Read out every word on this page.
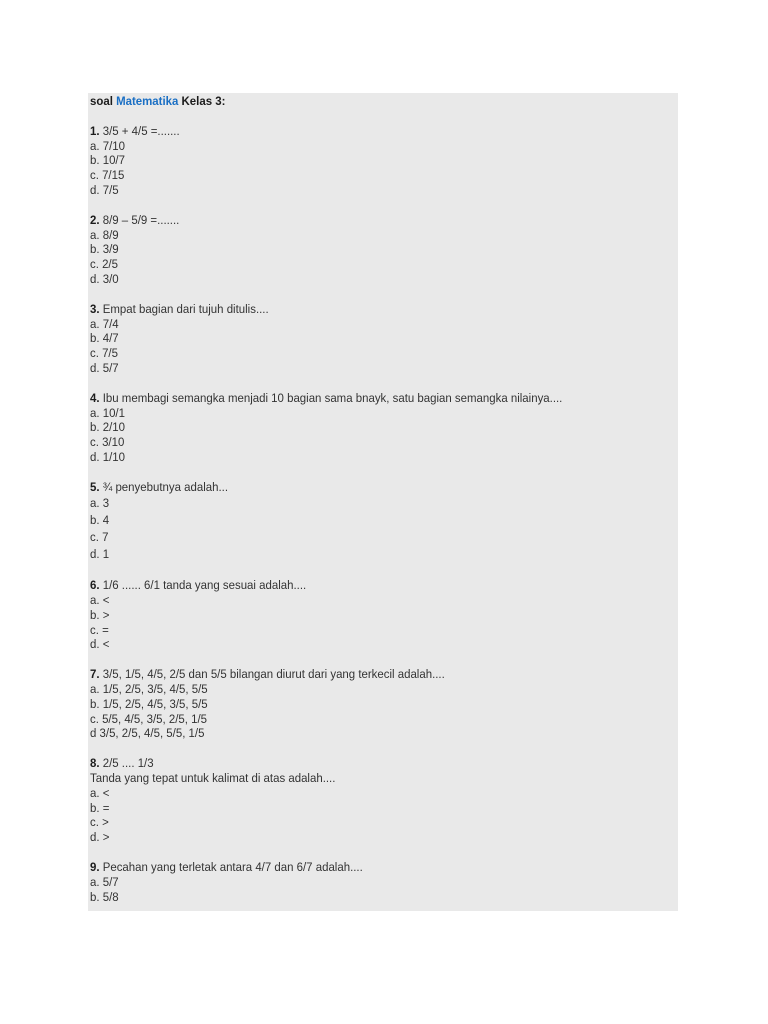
soal Matematika Kelas 3:
1. 3/5 + 4/5 =.......
a. 7/10
b. 10/7
c. 7/15
d. 7/5
2. 8/9 – 5/9 =.......
a. 8/9
b. 3/9
c. 2/5
d. 3/0
3. Empat bagian dari tujuh ditulis....
a. 7/4
b. 4/7
c. 7/5
d. 5/7
4. Ibu membagi semangka menjadi 10 bagian sama bnayk, satu bagian semangka nilainya....
a. 10/1
b. 2/10
c. 3/10
d. 1/10
5. ¾ penyebutnya adalah...
a. 3
b. 4
c. 7
d. 1
6. 1/6 ...... 6/1 tanda yang sesuai adalah....
a. <
b. >
c. =
d. <
7. 3/5, 1/5, 4/5, 2/5 dan 5/5 bilangan diurut dari yang terkecil adalah....
a. 1/5, 2/5, 3/5, 4/5, 5/5
b. 1/5, 2/5, 4/5, 3/5, 5/5
c. 5/5, 4/5, 3/5, 2/5, 1/5
d 3/5, 2/5, 4/5, 5/5, 1/5
8. 2/5 .... 1/3
Tanda yang tepat untuk kalimat di atas adalah....
a. <
b. =
c. >
d. >
9. Pecahan yang terletak antara 4/7 dan 6/7 adalah....
a. 5/7
b. 5/8
